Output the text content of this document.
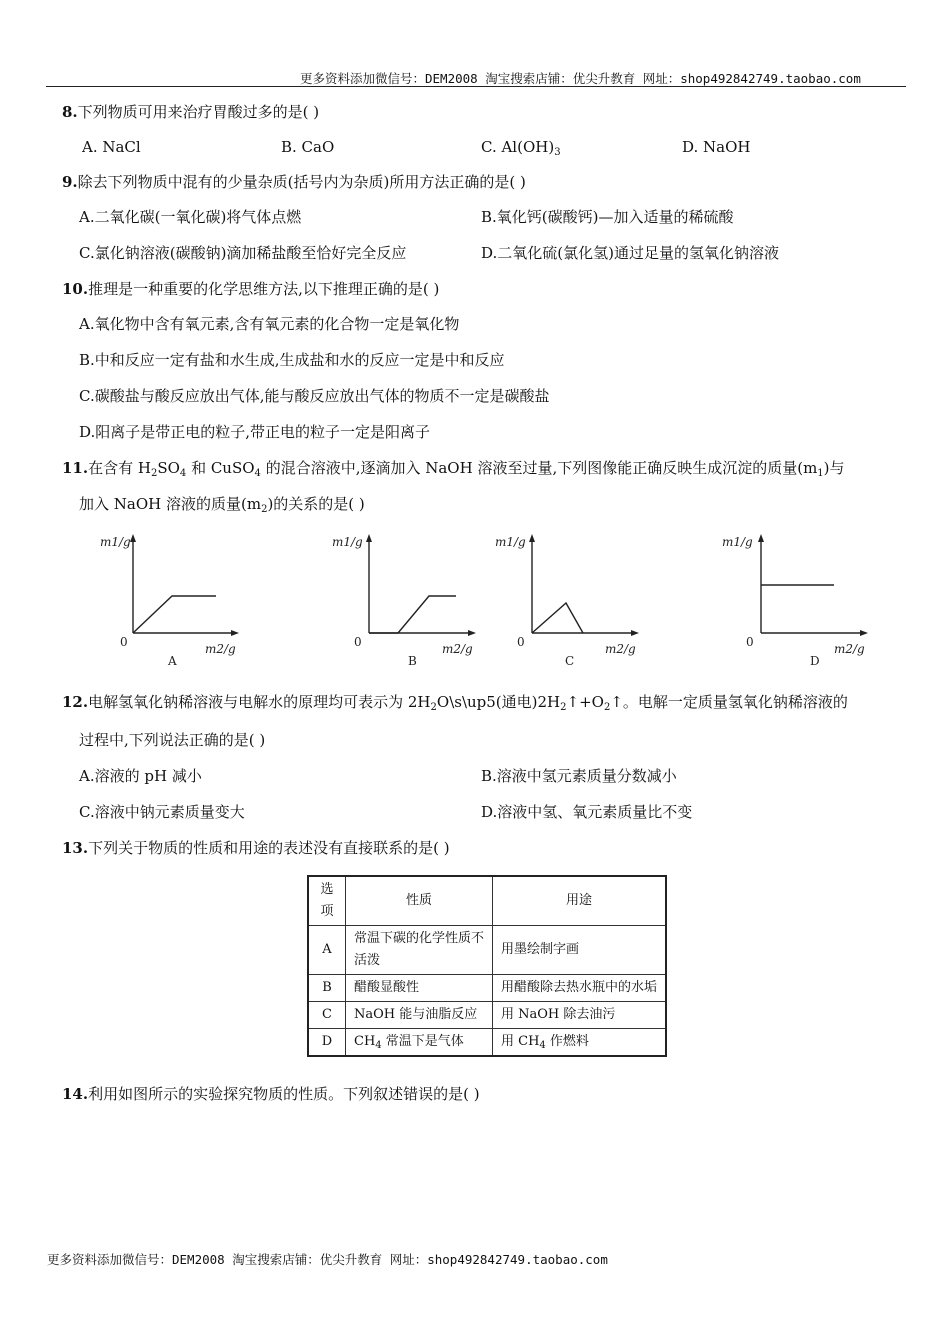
更多资料添加微信号：DEM2008 淘宝搜索店铺：优尖升教育 网址：shop492842749.taobao.com
8.下列物质可用来治疗胃酸过多的是( )
A. NaCl	B. CaO	C. $Al(OH)_3$	D. NaOH
9.除去下列物质中混有的少量杂质(括号内为杂质)所用方法正确的是( )
A.二氧化碳(一氧化碳)将气体点燃	B.氧化钙(碳酸钙)—加入适量的稀硫酸
C.氯化钠溶液(碳酸钠)滴加稀盐酸至恰好完全反应	D.二氧化硫(氯化氢)通过足量的氢氧化钠溶液
10.推理是一种重要的化学思维方法,以下推理正确的是( )
A.氧化物中含有氧元素,含有氧元素的化合物一定是氧化物
B.中和反应一定有盐和水生成,生成盐和水的反应一定是中和反应
C.碳酸盐与酸反应放出气体,能与酸反应放出气体的物质不一定是碳酸盐
D.阳离子是带正电的粒子,带正电的粒子一定是阳离子
11.在含有 $H_2SO_4$ 和 CuSO$_4$ 的混合溶液中,逐滴加入 NaOH 溶液至过量,下列图像能正确反映生成沉淀的质量$(m_1)$与
加入 NaOH 溶液的质量$(m_2)$的关系的是( )
m1/g
0	m2/g
A
m1/g
0	m2/g
B
m1/g
0	m2/g
C
m1/g
0	m2/g
D
12.电解氢氧化钠稀溶液与电解水的原理均可表示为 $2H_2O\backslash s\backslash up5$(通电)$2H_2↑+O_2↑$。电解一定质量氢氧化钠稀溶液的
过程中,下列说法正确的是( )
A.溶液的 pH 减小	B.溶液中氢元素质量分数减小
C.溶液中钠元素质量变大	D.溶液中氢、氧元素质量比不变
13.下列关于物质的性质和用途的表述没有直接联系的是( )
选项	性质	用途
A	常温下碳的化学性质不活泼	用墨绘制字画
B	醋酸显酸性	用醋酸除去热水瓶中的水垢
C	NaOH 能与油脂反应	用 NaOH 除去油污
D	$CH_4$ 常温下是气体	用 $CH_4$ 作燃料
14.利用如图所示的实验探究物质的性质。下列叙述错误的是( )
更多资料添加微信号：DEM2008 淘宝搜索店铺：优尖升教育 网址：shop492842749.taobao.com
